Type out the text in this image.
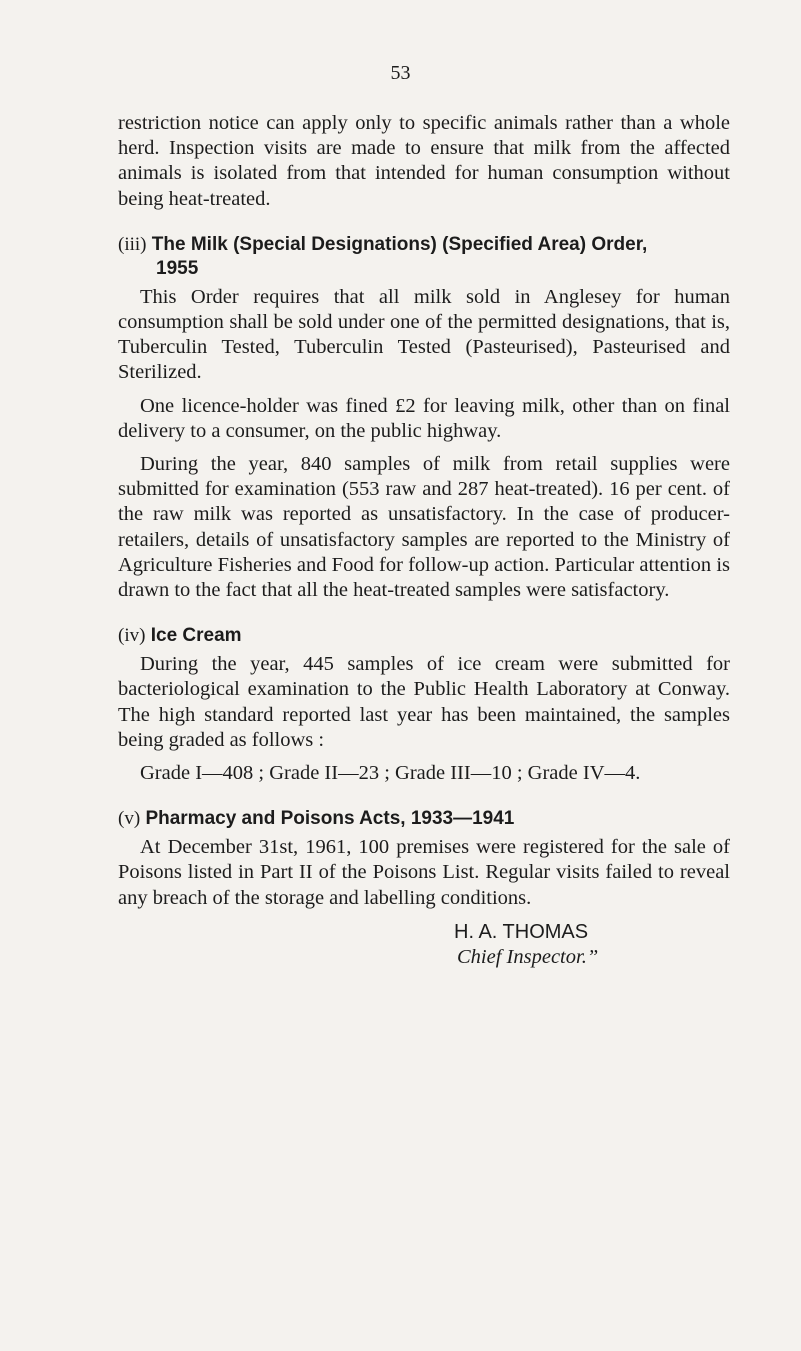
53

restriction notice can apply only to specific animals rather than a whole herd. Inspection visits are made to ensure that milk from the affected animals is isolated from that intended for human consumption without being heat-treated.

(iii) The Milk (Special Designations) (Specified Area) Order,
1955

This Order requires that all milk sold in Anglesey for human consumption shall be sold under one of the permitted designations, that is, Tuberculin Tested, Tuberculin Tested (Pasteurised), Pasteurised and Sterilized.

One licence-holder was fined £2 for leaving milk, other than on final delivery to a consumer, on the public highway.

During the year, 840 samples of milk from retail supplies were submitted for examination (553 raw and 287 heat-treated). 16 per cent. of the raw milk was reported as unsatisfactory. In the case of producer-retailers, details of unsatisfactory samples are reported to the Ministry of Agriculture Fisheries and Food for follow-up action. Particular attention is drawn to the fact that all the heat-treated samples were satisfactory.

(iv) Ice Cream

During the year, 445 samples of ice cream were submitted for bacteriological examination to the Public Health Laboratory at Conway. The high standard reported last year has been maintained, the samples being graded as follows :

Grade I—408 ; Grade II—23 ; Grade III—10 ; Grade IV—4.

(v) Pharmacy and Poisons Acts, 1933—1941

At December 31st, 1961, 100 premises were registered for the sale of Poisons listed in Part II of the Poisons List. Regular visits failed to reveal any breach of the storage and labelling conditions.

H. A. THOMAS
Chief Inspector.”
